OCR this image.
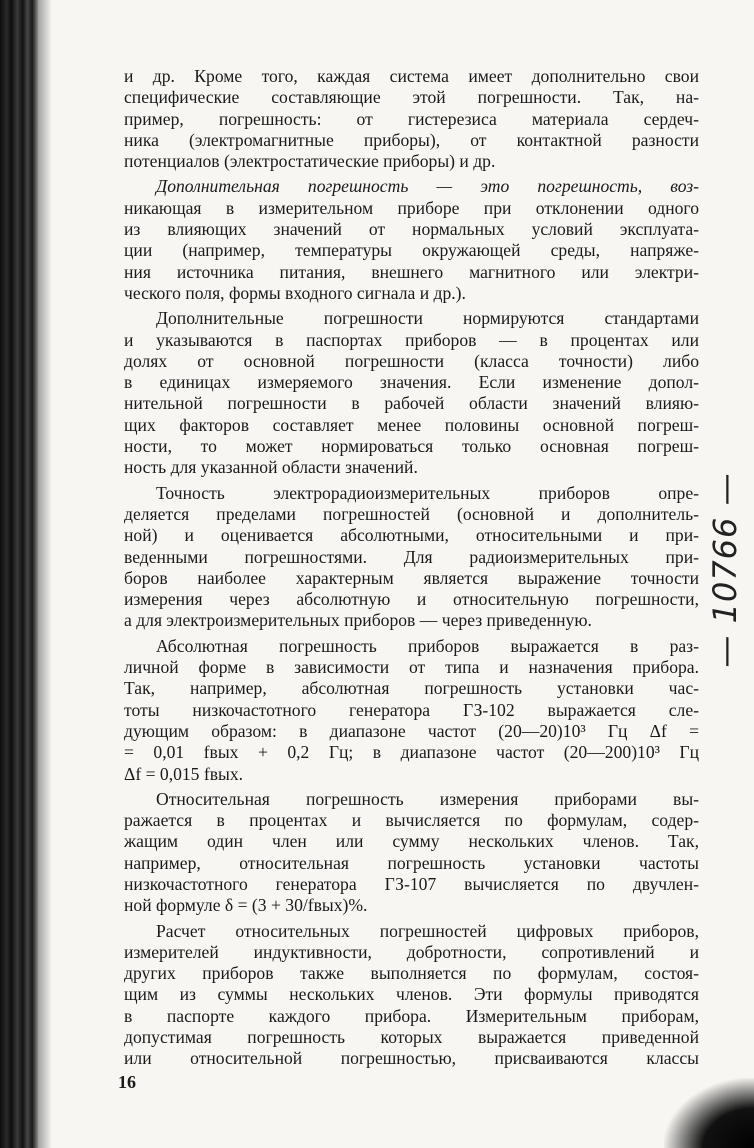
и др. Кроме того, каждая система имеет дополнительно свои
специфические составляющие этой погрешности. Так, на-
пример, погрешность: от гистерезиса материала сердеч-
ника (электромагнитные приборы), от контактной разности
потенциалов (электростатические приборы) и др.
Дополнительная погрешность — это погрешность, воз-
никающая в измерительном приборе при отклонении одного
из влияющих значений от нормальных условий эксплуата-
ции (например, температуры окружающей среды, напряже-
ния источника питания, внешнего магнитного или электри-
ческого поля, формы входного сигнала и др.).
Дополнительные погрешности нормируются стандартами
и указываются в паспортах приборов — в процентах или
долях от основной погрешности (класса точности) либо
в единицах измеряемого значения. Если изменение допол-
нительной погрешности в рабочей области значений влияю-
щих факторов составляет менее половины основной погреш-
ности, то может нормироваться только основная погреш-
ность для указанной области значений.
Точность электрорадиоизмерительных приборов опре-
деляется пределами погрешностей (основной и дополнитель-
ной) и оценивается абсолютными, относительными и при-
веденными погрешностями. Для радиоизмерительных при-
боров наиболее характерным является выражение точности
измерения через абсолютную и относительную погрешности,
а для электроизмерительных приборов — через приведенную.
Абсолютная погрешность приборов выражается в раз-
личной форме в зависимости от типа и назначения прибора.
Так, например, абсолютная погрешность установки час-
тоты низкочастотного генератора ГЗ-102 выражается сле-
дующим образом: в диапазоне частот (20—20)10³ Гц Δf =
= 0,01 fвых + 0,2 Гц; в диапазоне частот (20—200)10³ Гц
Δf = 0,015 fвых.
Относительная погрешность измерения приборами вы-
ражается в процентах и вычисляется по формулам, содер-
жащим один член или сумму нескольких членов. Так,
например, относительная погрешность установки частоты
низкочастотного генератора ГЗ-107 вычисляется по двучлен-
ной формуле δ = (3 + 30/fвых)%.
Расчет относительных погрешностей цифровых приборов,
измерителей индуктивности, добротности, сопротивлений и
других приборов также выполняется по формулам, состоя-
щим из суммы нескольких членов. Эти формулы приводятся
в паспорте каждого прибора. Измерительным приборам,
допустимая погрешность которых выражается приведенной
или относительной погрешностью, присваиваются классы
16
— 10766 —
